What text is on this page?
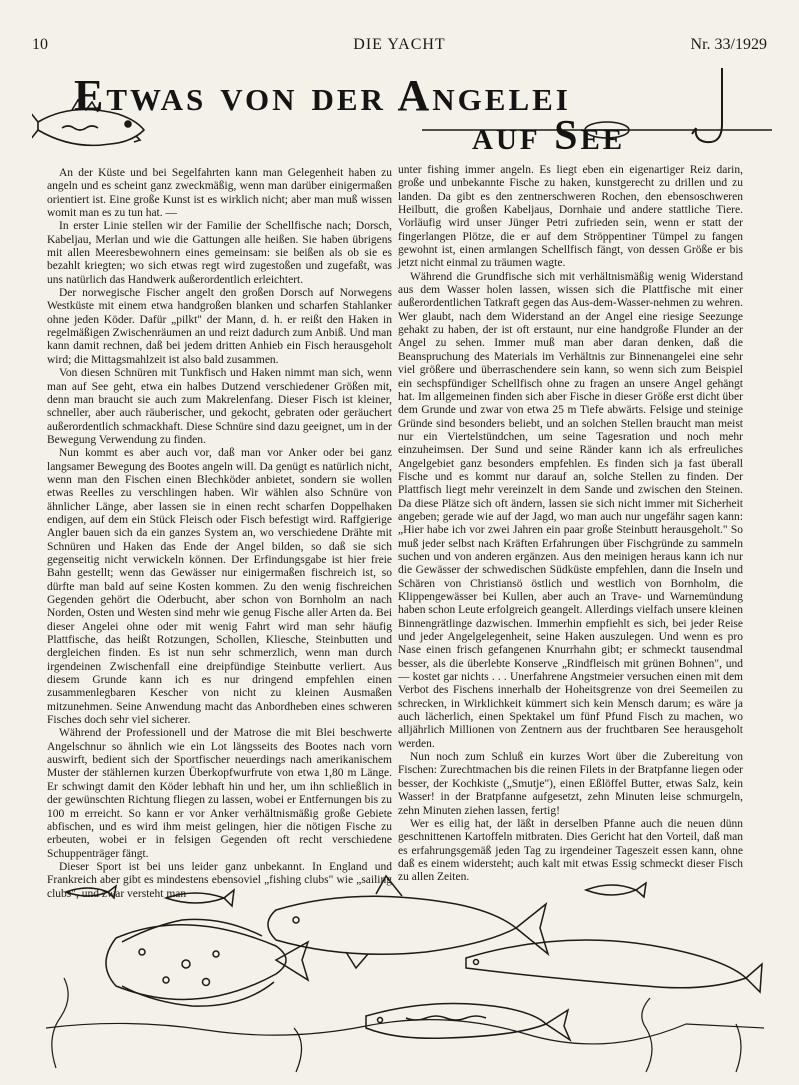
10	DIE YACHT	Nr. 33/1929
Etwas von der Angelei
auf See

An der Küste und bei Segelfahrten kann man Gelegenheit haben zu angeln und es scheint ganz zweckmäßig, wenn man darüber einigermaßen orientiert ist. Eine große Kunst ist es wirklich nicht; aber man muß wissen womit man es zu tun hat. —

In erster Linie stellen wir der Familie der Schellfische nach; Dorsch, Kabeljau, Merlan und wie die Gattungen alle heißen. Sie haben übrigens mit allen Meeresbewohnern eines gemeinsam: sie beißen als ob sie es bezahlt kriegten; wo sich etwas regt wird zugestoßen und zugefaßt, was uns natürlich das Handwerk außerordentlich erleichtert.

Der norwegische Fischer angelt den großen Dorsch auf Norwegens Westküste mit einem etwa handgroßen blanken und scharfen Stahlanker ohne jeden Köder. Dafür „pilkt" der Mann, d. h. er reißt den Haken in regelmäßigen Zwischenräumen an und reizt dadurch zum Anbiß. Und man kann damit rechnen, daß bei jedem dritten Anhieb ein Fisch herausgeholt wird; die Mittagsmahlzeit ist also bald zusammen.

Von diesen Schnüren mit Tunkfisch und Haken nimmt man sich, wenn man auf See geht, etwa ein halbes Dutzend verschiedener Größen mit, denn man braucht sie auch zum Makrelenfang. Dieser Fisch ist kleiner, schneller, aber auch räuberischer, und gekocht, gebraten oder geräuchert außerordentlich schmackhaft. Diese Schnüre sind dazu geeignet, um in der Bewegung Verwendung zu finden.

Nun kommt es aber auch vor, daß man vor Anker oder bei ganz langsamer Bewegung des Bootes angeln will. Da genügt es natürlich nicht, wenn man den Fischen einen Blechköder anbietet, sondern sie wollen etwas Reelles zu verschlingen haben. Wir wählen also Schnüre von ähnlicher Länge, aber lassen sie in einen recht scharfen Doppelhaken endigen, auf dem ein Stück Fleisch oder Fisch befestigt wird. Raffgierige Angler bauen sich da ein ganzes System an, wo verschiedene Drähte mit Schnüren und Haken das Ende der Angel bilden, so daß sie sich gegenseitig nicht verwickeln können. Der Erfindungsgabe ist hier freie Bahn gestellt; wenn das Gewässer nur einigermaßen fischreich ist, so dürfte man bald auf seine Kosten kommen. Zu den wenig fischreichen Gegenden gehört die Oderbucht, aber schon von Bornholm an nach Norden, Osten und Westen sind mehr wie genug Fische aller Arten da. Bei dieser Angelei ohne oder mit wenig Fahrt wird man sehr häufig Plattfische, das heißt Rotzungen, Schollen, Kliesche, Steinbutten und dergleichen finden. Es ist nun sehr schmerzlich, wenn man durch irgendeinen Zwischenfall eine dreipfündige Steinbutte verliert. Aus diesem Grunde kann ich es nur dringend empfehlen einen zusammenlegbaren Kescher von nicht zu kleinen Ausmaßen mitzunehmen. Seine Anwendung macht das Anbordheben eines schweren Fisches doch sehr viel sicherer.

Während der Professionell und der Matrose die mit Blei beschwerte Angelschnur so ähnlich wie ein Lot längsseits des Bootes nach vorn auswirft, bedient sich der Sportfischer neuerdings nach amerikanischem Muster der stählernen kurzen Überkopfwurfrute von etwa 1,80 m Länge. Er schwingt damit den Köder lebhaft hin und her, um ihn schließlich in der gewünschten Richtung fliegen zu lassen, wobei er Entfernungen bis zu 100 m erreicht. So kann er vor Anker verhältnismäßig große Gebiete abfischen, und es wird ihm meist gelingen, hier die nötigen Fische zu erbeuten, wobei er in felsigen Gegenden oft recht verschiedene Schuppenträger fängt.

Dieser Sport ist bei uns leider ganz unbekannt. In England und Frankreich aber gibt es mindestens ebensoviel „fishing clubs" wie „sailing clubs", und zwar versteht man

unter fishing immer angeln. Es liegt eben ein eigenartiger Reiz darin, große und unbekannte Fische zu haken, kunstgerecht zu drillen und zu landen. Da gibt es den zentnerschweren Rochen, den ebensoschweren Heilbutt, die großen Kabeljaus, Dornhaie und andere stattliche Tiere. Vorläufig wird unser Jünger Petri zufrieden sein, wenn er statt der fingerlangen Plötze, die er auf dem Ströppentiner Tümpel zu fangen gewohnt ist, einen armlangen Schellfisch fängt, von dessen Größe er bis jetzt nicht einmal zu träumen wagte.

Während die Grundfische sich mit verhältnismäßig wenig Widerstand aus dem Wasser holen lassen, wissen sich die Plattfische mit einer außerordentlichen Tatkraft gegen das Aus-dem-Wasser-nehmen zu wehren. Wer glaubt, nach dem Widerstand an der Angel eine riesige Seezunge gehakt zu haben, der ist oft erstaunt, nur eine handgroße Flunder an der Angel zu sehen. Immer muß man aber daran denken, daß die Beanspruchung des Materials im Verhältnis zur Binnenangelei eine sehr viel größere und überraschendere sein kann, so wenn sich zum Beispiel ein sechspfündiger Schellfisch ohne zu fragen an unsere Angel gehängt hat. Im allgemeinen finden sich aber Fische in dieser Größe erst dicht über dem Grunde und zwar von etwa 25 m Tiefe abwärts. Felsige und steinige Gründe sind besonders beliebt, und an solchen Stellen braucht man meist nur ein Viertelstündchen, um seine Tagesration und noch mehr einzuheimsen. Der Sund und seine Ränder kann ich als erfreuliches Angelgebiet ganz besonders empfehlen. Es finden sich ja fast überall Fische und es kommt nur darauf an, solche Stellen zu finden. Der Plattfisch liegt mehr vereinzelt in dem Sande und zwischen den Steinen. Da diese Plätze sich oft ändern, lassen sie sich nicht immer mit Sicherheit angeben; gerade wie auf der Jagd, wo man auch nur ungefähr sagen kann: „Hier habe ich vor zwei Jahren ein paar große Steinbutt herausgeholt." So muß jeder selbst nach Kräften Erfahrungen über Fischgründe zu sammeln suchen und von anderen ergänzen. Aus den meinigen heraus kann ich nur die Gewässer der schwedischen Südküste empfehlen, dann die Inseln und Schären von Christiansö östlich und westlich von Bornholm, die Klippengewässer bei Kullen, aber auch an Trave- und Warnemündung haben schon Leute erfolgreich geangelt. Allerdings vielfach unsere kleinen Binnengrätlinge dazwischen. Immerhin empfiehlt es sich, bei jeder Reise und jeder Angelgelegenheit, seine Haken auszulegen. Und wenn es pro Nase einen frisch gefangenen Knurrhahn gibt; er schmeckt tausendmal besser, als die überlebte Konserve „Rindfleisch mit grünen Bohnen", und — kostet gar nichts . . . Unerfahrene Angstmeier versuchen einen mit dem Verbot des Fischens innerhalb der Hoheitsgrenze von drei Seemeilen zu schrecken, in Wirklichkeit kümmert sich kein Mensch darum; es wäre ja auch lächerlich, einen Spektakel um fünf Pfund Fisch zu machen, wo alljährlich Millionen von Zentnern aus der fruchtbaren See herausgeholt werden.

Nun noch zum Schluß ein kurzes Wort über die Zubereitung von Fischen: Zurechtmachen bis die reinen Filets in der Bratpfanne liegen oder besser, der Kochkiste („Smutje"), einen Eßlöffel Butter, etwas Salz, kein Wasser! in der Bratpfanne aufgesetzt, zehn Minuten leise schmurgeln, zehn Minuten ziehen lassen, fertig!

Wer es eilig hat, der läßt in derselben Pfanne auch die neuen dünn geschnittenen Kartoffeln mitbraten. Dies Gericht hat den Vorteil, daß man es erfahrungsgemäß jeden Tag zu irgendeiner Tageszeit essen kann, ohne daß es einem widersteht; auch kalt mit etwas Essig schmeckt dieser Fisch zu allen Zeiten.
